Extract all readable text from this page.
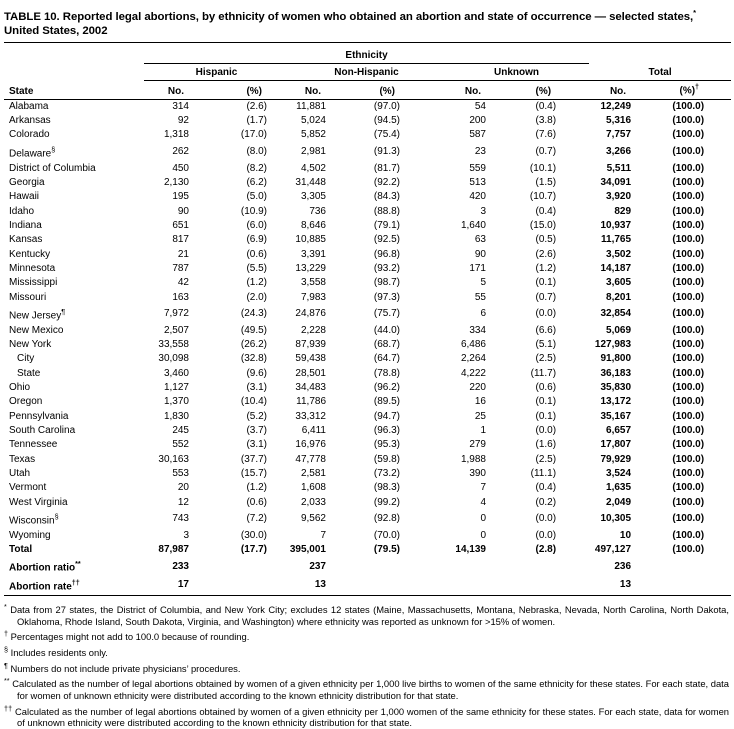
TABLE 10. Reported legal abortions, by ethnicity of women who obtained an abortion and state of occurrence — selected states,*
United States, 2002

	Ethnicity							

	Hispanic		Non-Hispanic		Unknown		Total	

State	No.	(%)	No.	(%)	No.	(%)	No.	(%)†
Alabama	314	(2.6)	11,881	(97.0)	54	(0.4)	12,249	(100.0)
Arkansas	92	(1.7)	5,024	(94.5)	200	(3.8)	5,316	(100.0)
Colorado	1,318	(17.0)	5,852	(75.4)	587	(7.6)	7,757	(100.0)
Delaware§	262	(8.0)	2,981	(91.3)	23	(0.7)	3,266	(100.0)
District of Columbia	450	(8.2)	4,502	(81.7)	559	(10.1)	5,511	(100.0)
Georgia	2,130	(6.2)	31,448	(92.2)	513	(1.5)	34,091	(100.0)
Hawaii	195	(5.0)	3,305	(84.3)	420	(10.7)	3,920	(100.0)
Idaho	90	(10.9)	736	(88.8)	3	(0.4)	829	(100.0)
Indiana	651	(6.0)	8,646	(79.1)	1,640	(15.0)	10,937	(100.0)
Kansas	817	(6.9)	10,885	(92.5)	63	(0.5)	11,765	(100.0)
Kentucky	21	(0.6)	3,391	(96.8)	90	(2.6)	3,502	(100.0)
Minnesota	787	(5.5)	13,229	(93.2)	171	(1.2)	14,187	(100.0)
Mississippi	42	(1.2)	3,558	(98.7)	5	(0.1)	3,605	(100.0)
Missouri	163	(2.0)	7,983	(97.3)	55	(0.7)	8,201	(100.0)
New Jersey¶	7,972	(24.3)	24,876	(75.7)	6	(0.0)	32,854	(100.0)
New Mexico	2,507	(49.5)	2,228	(44.0)	334	(6.6)	5,069	(100.0)
New York	33,558	(26.2)	87,939	(68.7)	6,486	(5.1)	127,983	(100.0)
City	30,098	(32.8)	59,438	(64.7)	2,264	(2.5)	91,800	(100.0)
State	3,460	(9.6)	28,501	(78.8)	4,222	(11.7)	36,183	(100.0)
Ohio	1,127	(3.1)	34,483	(96.2)	220	(0.6)	35,830	(100.0)
Oregon	1,370	(10.4)	11,786	(89.5)	16	(0.1)	13,172	(100.0)
Pennsylvania	1,830	(5.2)	33,312	(94.7)	25	(0.1)	35,167	(100.0)
South Carolina	245	(3.7)	6,411	(96.3)	1	(0.0)	6,657	(100.0)
Tennessee	552	(3.1)	16,976	(95.3)	279	(1.6)	17,807	(100.0)
Texas	30,163	(37.7)	47,778	(59.8)	1,988	(2.5)	79,929	(100.0)
Utah	553	(15.7)	2,581	(73.2)	390	(11.1)	3,524	(100.0)
Vermont	20	(1.2)	1,608	(98.3)	7	(0.4)	1,635	(100.0)
West Virginia	12	(0.6)	2,033	(99.2)	4	(0.2)	2,049	(100.0)
Wisconsin§	743	(7.2)	9,562	(92.8)	0	(0.0)	10,305	(100.0)
Wyoming	3	(30.0)	7	(70.0)	0	(0.0)	10	(100.0)
Total	87,987	(17.7)	395,001	(79.5)	14,139	(2.8)	497,127	(100.0)
Abortion ratio**	233		237				236	
Abortion rate††	17		13				13	
* Data from 27 states, the District of Columbia, and New York City; excludes 12 states (Maine, Massachusetts, Montana, Nebraska, Nevada, North Carolina, North Dakota, Oklahoma, Rhode Island, South Dakota, Virginia, and Washington) where ethnicity was reported as unknown for >15% of women.
† Percentages might not add to 100.0 because of rounding.
§ Includes residents only.
¶ Numbers do not include private physicians’ procedures.
** Calculated as the number of legal abortions obtained by women of a given ethnicity per 1,000 live births to women of the same ethnicity for these states. For each state, data for women of unknown ethnicity were distributed according to the known ethnicity distribution for that state.
†† Calculated as the number of legal abortions obtained by women of a given ethnicity per 1,000 women of the same ethnicity for these states. For each state, data for women of unknown ethnicity were distributed according to the known ethnicity distribution for that state.
